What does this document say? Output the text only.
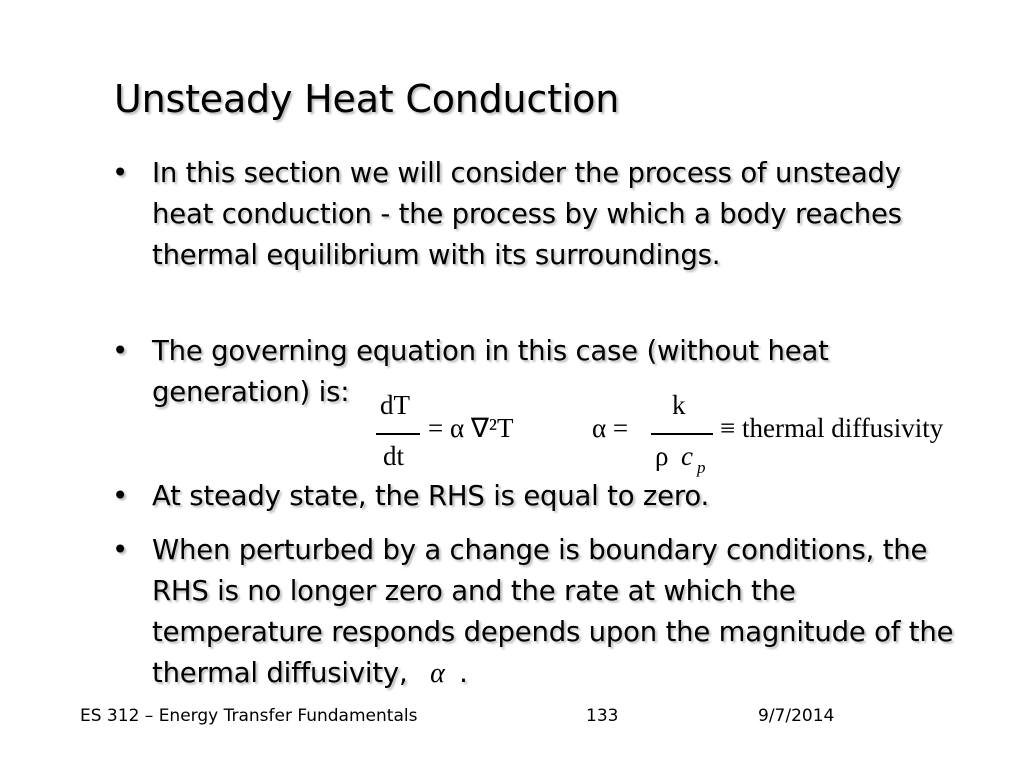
Unsteady Heat Conduction
• In this section we will consider the process of unsteady heat conduction - the process by which a body reaches thermal equilibrium with its surroundings.
• The governing equation in this case (without heat generation) is:	dT
dt
= α ∇²T	α =
k
ρ c p
≡ thermal diffusivity
• At steady state, the RHS is equal to zero.
• When perturbed by a change is boundary conditions, the RHS is no longer zero and the rate at which the temperature responds depends upon the magnitude of the thermal diffusivity, α .
ES 312 – Energy Transfer Fundamentals	133	9/7/2014
